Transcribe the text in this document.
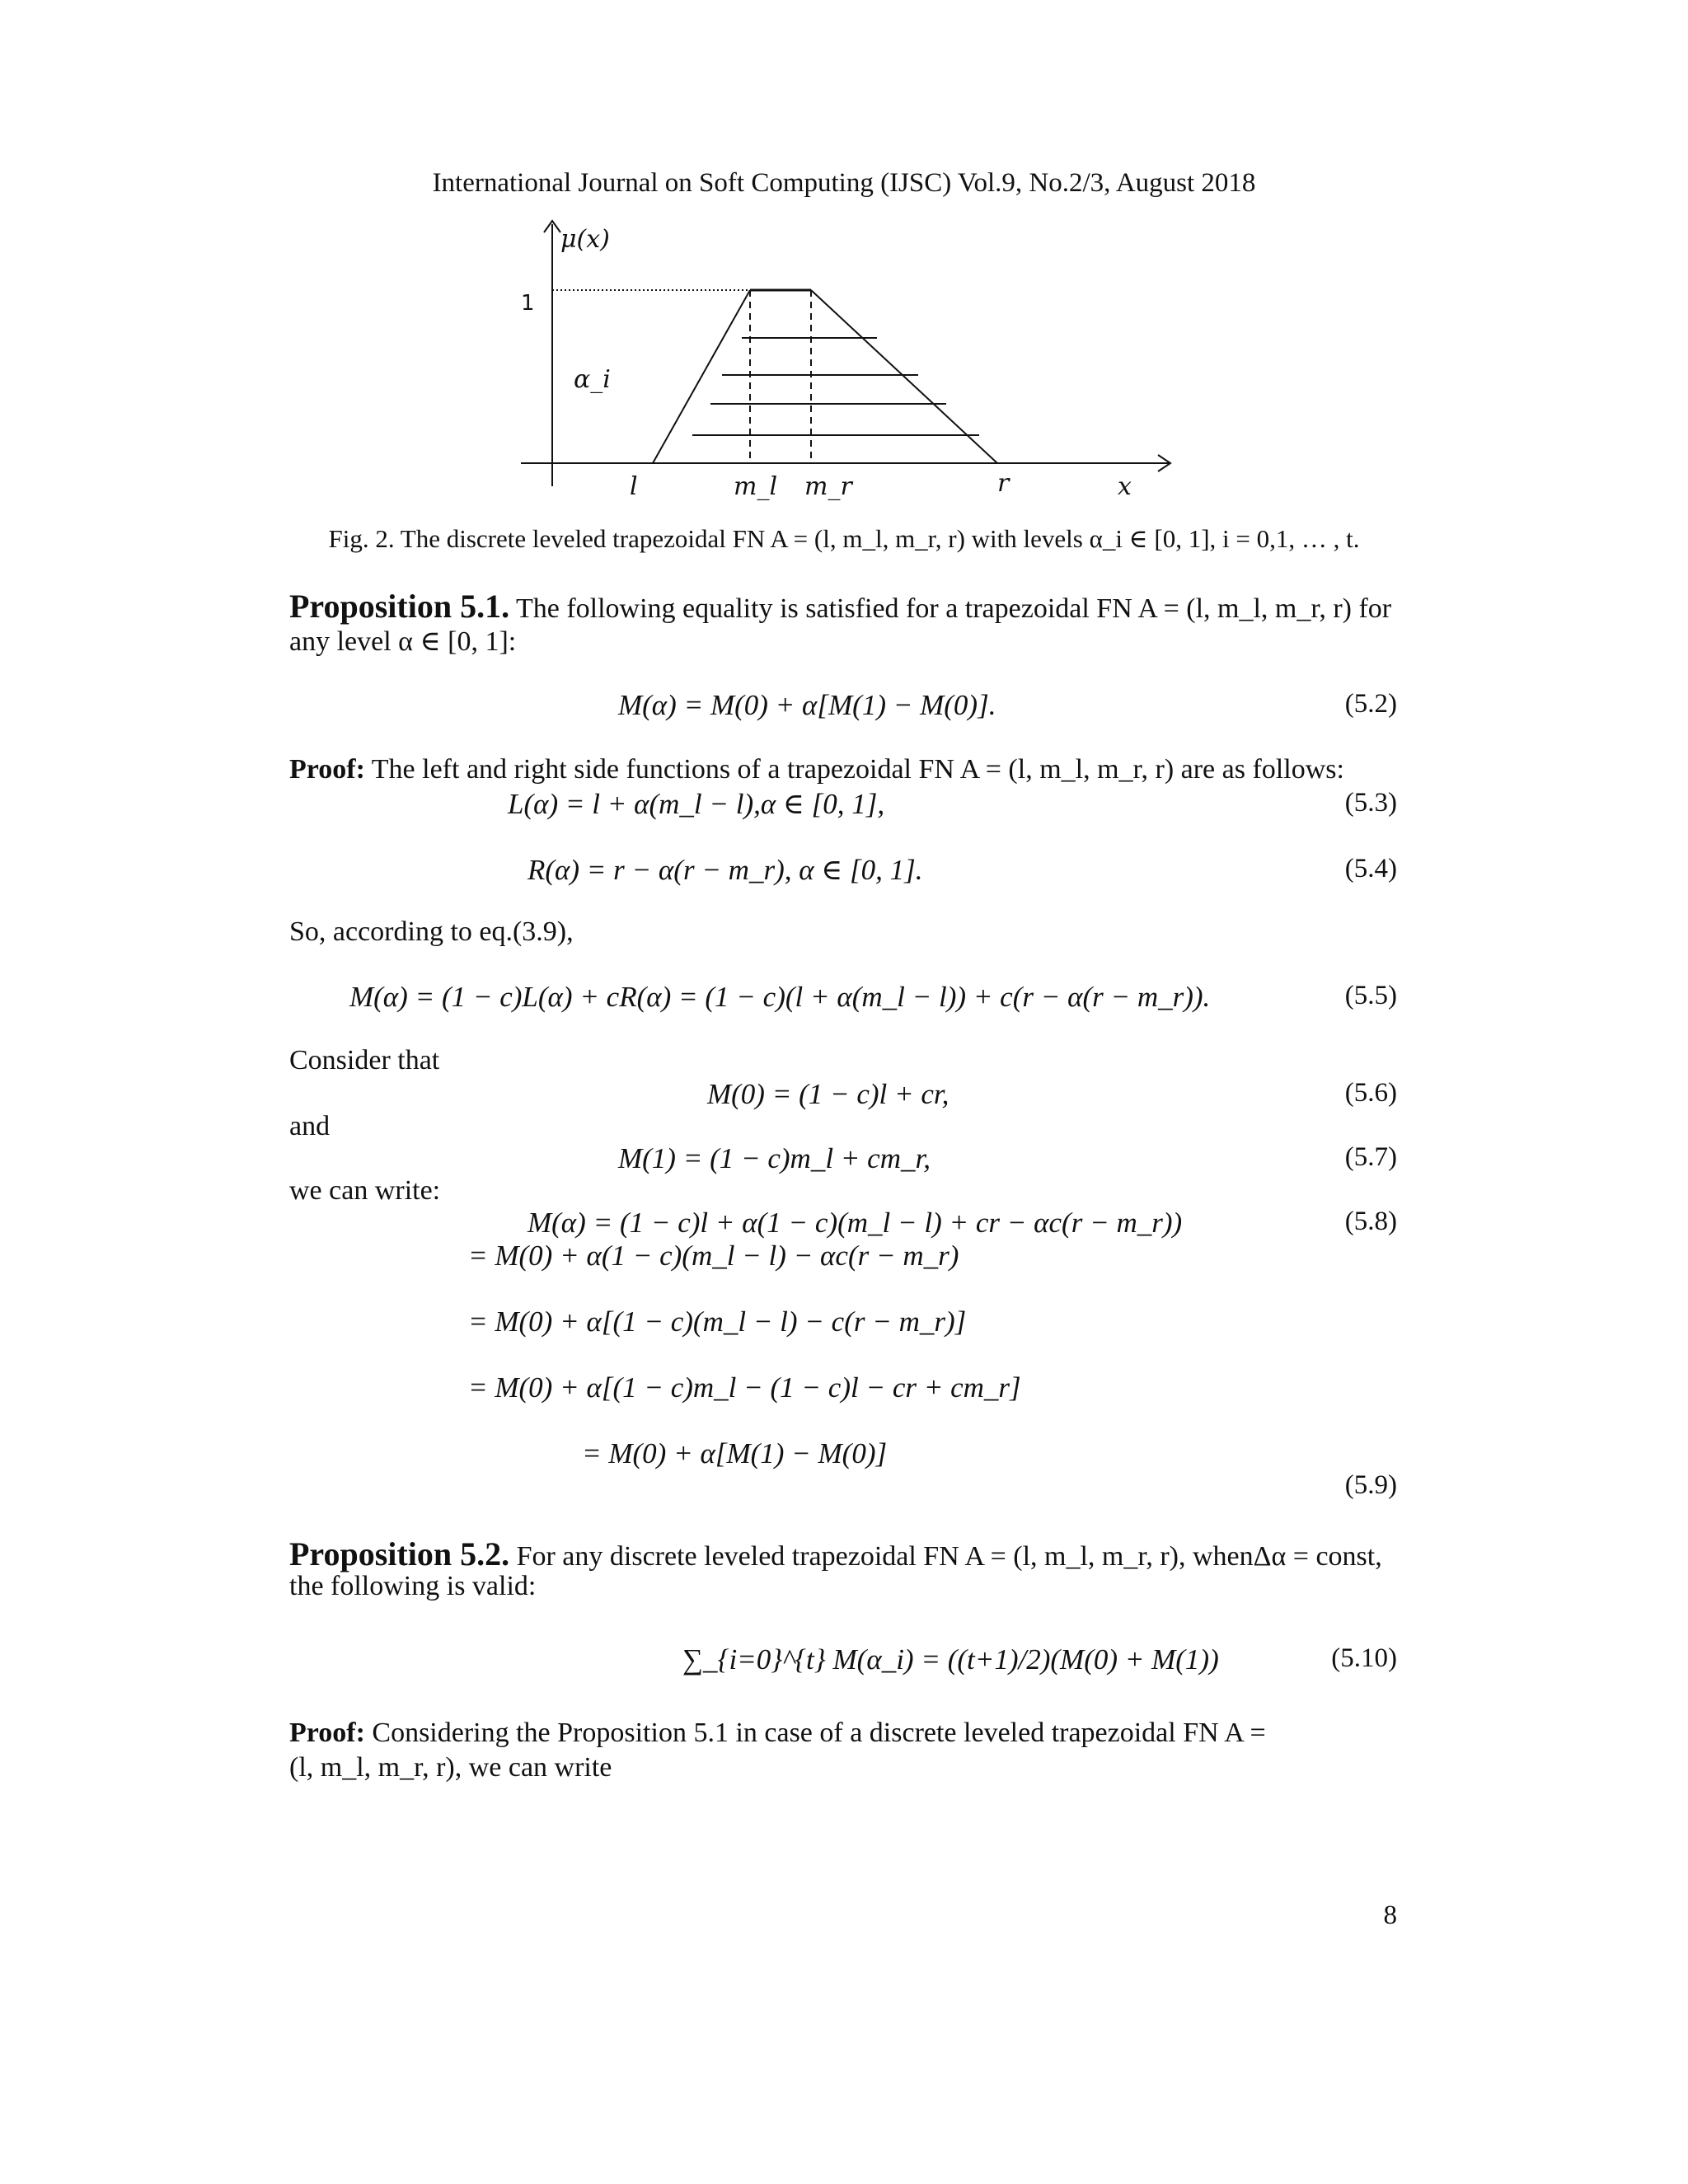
International Journal on Soft Computing (IJSC) Vol.9, No.2/3, August 2018
μ(x)
1
α_i
l	m_l m_r	r	x
Fig. 2. The discrete leveled trapezoidal FN A = (l, m_l, m_r, r) with levels α_i ∈ [0, 1], i = 0,1, … , t.
Proposition 5.1. The following equality is satisfied for a trapezoidal FN A = (l, m_l, m_r, r) for
any level α ∈ [0, 1]:
M(α) = M(0) + α[M(1) − M(0)].	(5.2)
Proof: The left and right side functions of a trapezoidal FN A = (l, m_l, m_r, r) are as follows:
L(α) = l + α(m_l − l),α ∈ [0, 1],	(5.3)
R(α) = r − α(r − m_r), α ∈ [0, 1].	(5.4)
So, according to eq.(3.9),
M(α) = (1 − c)L(α) + cR(α) = (1 − c)(l + α(m_l − l)) + c(r − α(r − m_r)).	(5.5)
Consider that
M(0) = (1 − c)l + cr,	(5.6)
and
M(1) = (1 − c)m_l + cm_r,	(5.7)
we can write:
M(α) = (1 − c)l + α(1 − c)(m_l − l) + cr − αc(r − m_r))	(5.8)
= M(0) + α(1 − c)(m_l − l) − αc(r − m_r)
= M(0) + α[(1 − c)(m_l − l) − c(r − m_r)]
= M(0) + α[(1 − c)m_l − (1 − c)l − cr + cm_r]
= M(0) + α[M(1) − M(0)]
(5.9)
Proposition 5.2. For any discrete leveled trapezoidal FN A = (l, m_l, m_r, r), whenΔα = const,
the following is valid:
∑_{i=0}^{t} M(α_i) = ((t+1)/2)(M(0) + M(1))	(5.10)
Proof: Considering the Proposition 5.1 in case of a discrete leveled trapezoidal FN A =
(l, m_l, m_r, r), we can write
8
